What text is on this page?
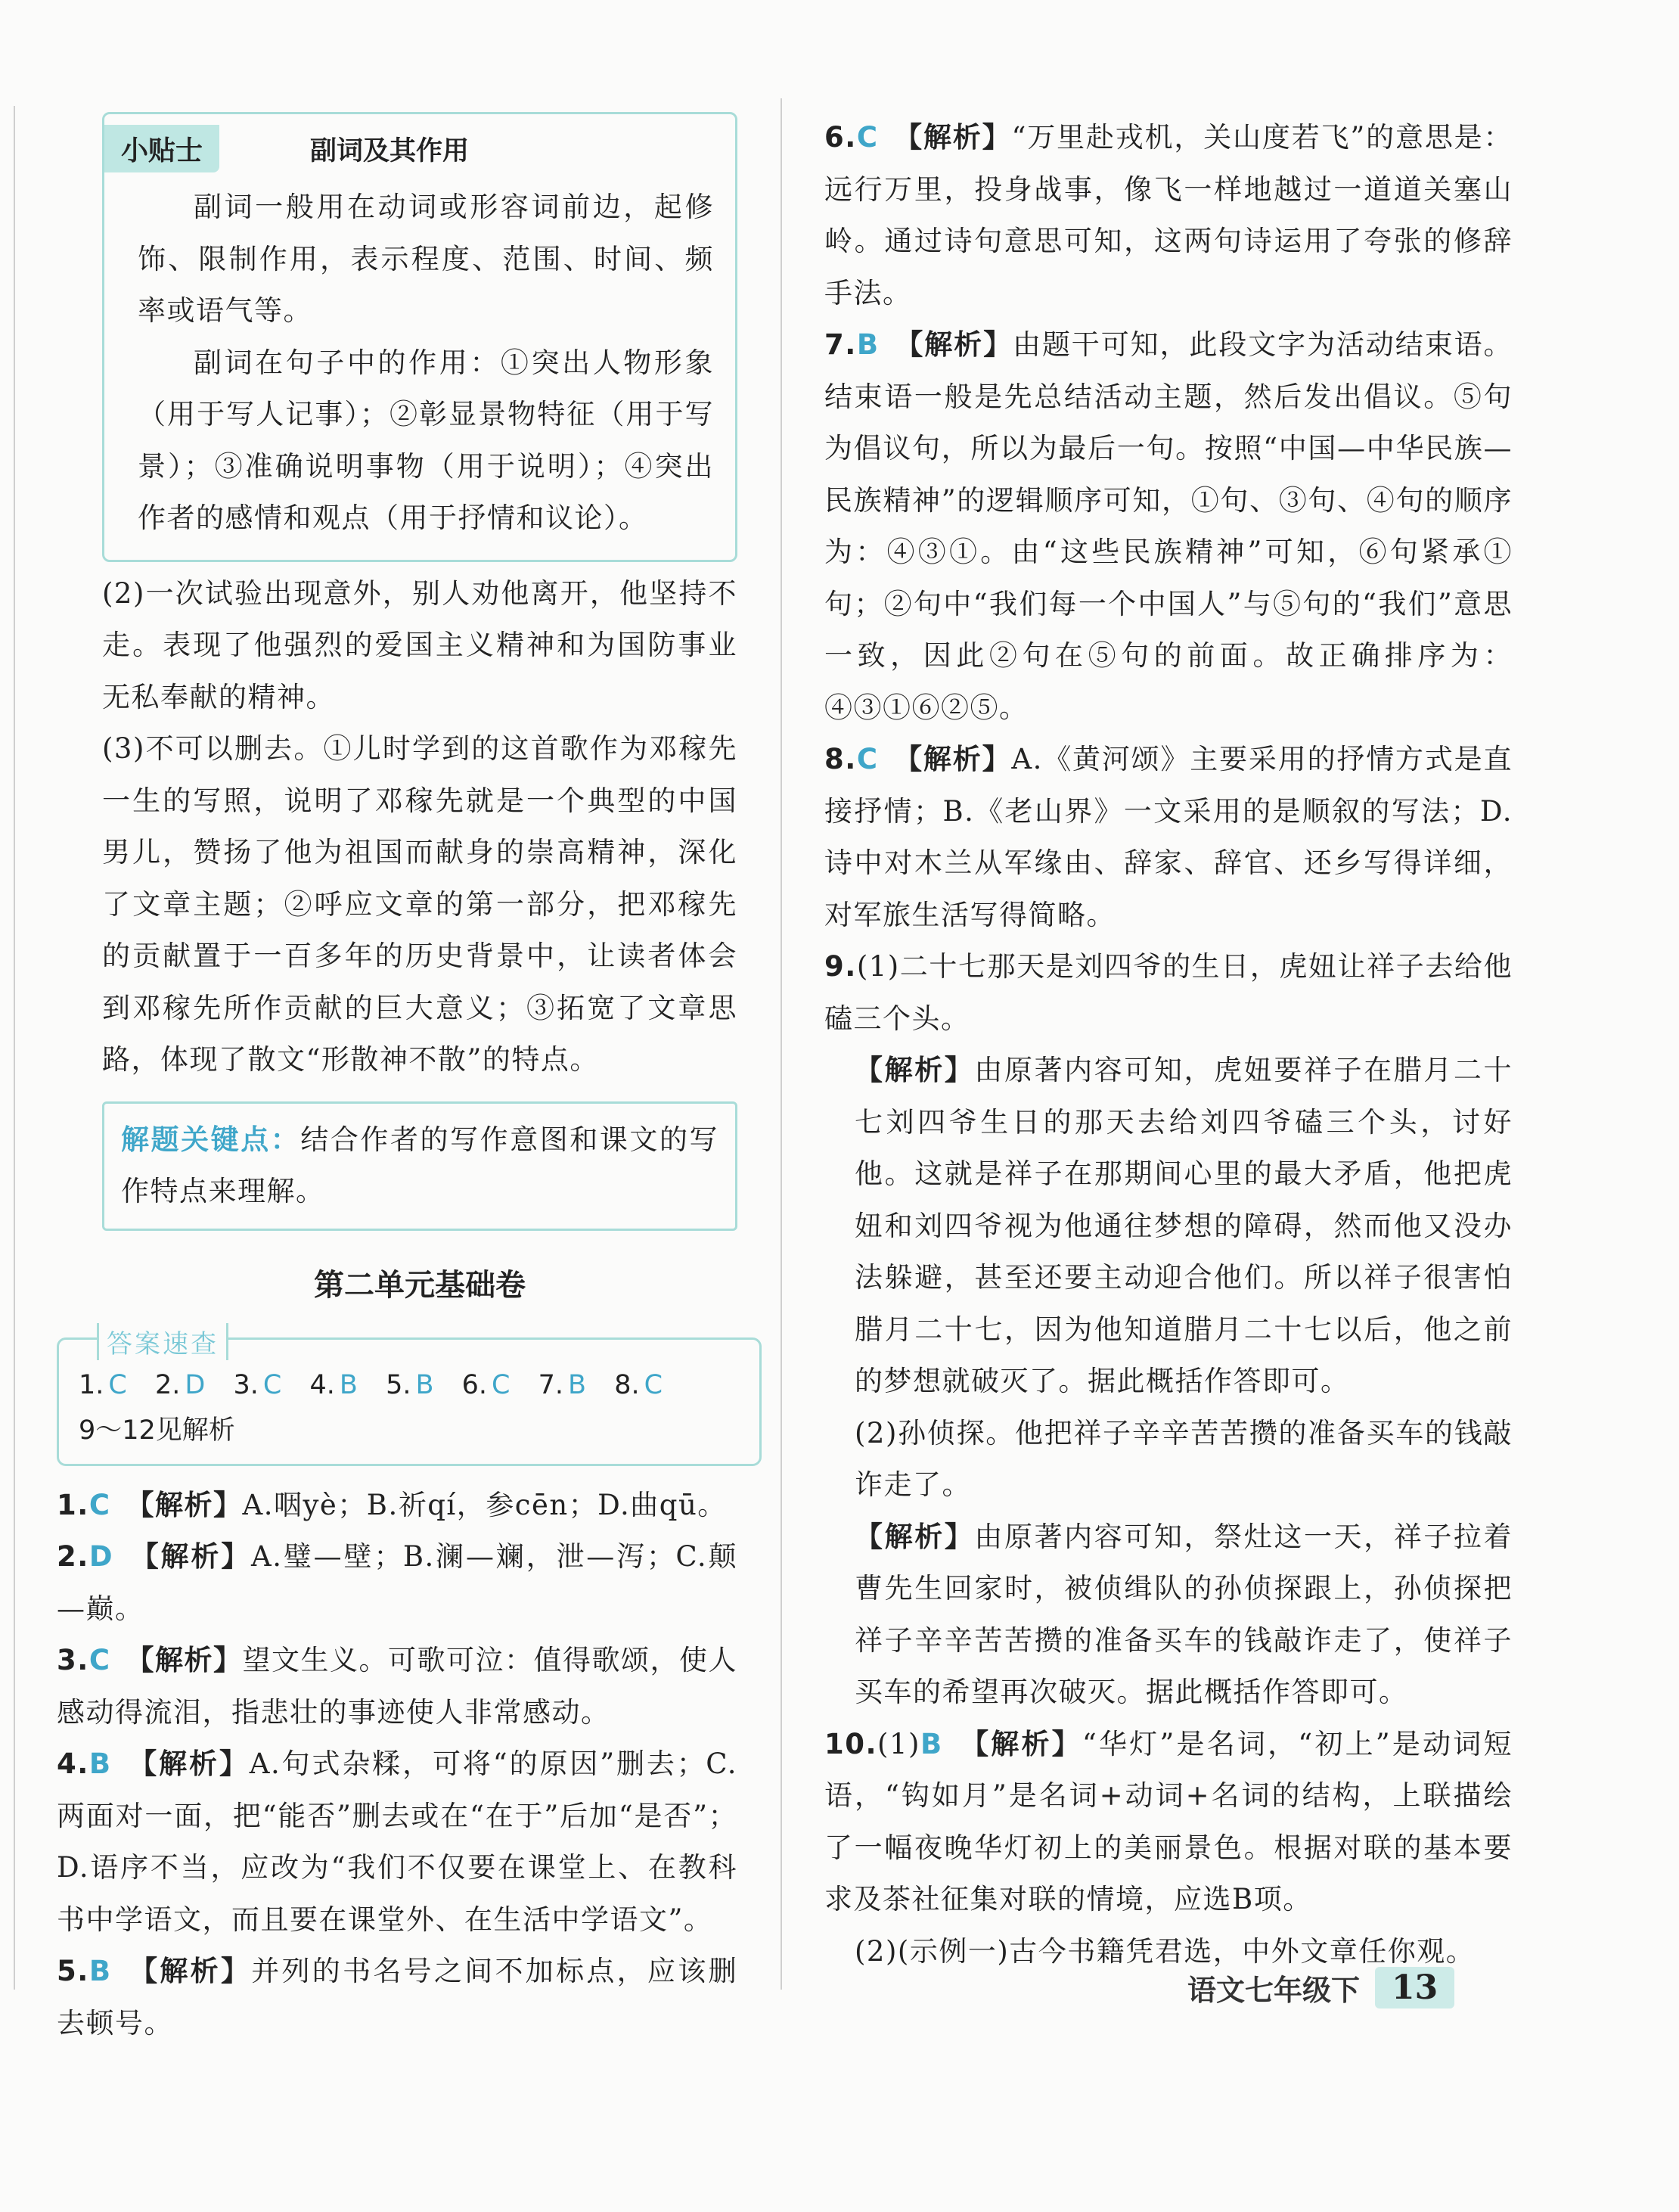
小贴士	副词及其作用

副词一般用在动词或形容词前边，起修饰、限制作用，表示程度、范围、时间、频率或语气等。

副词在句子中的作用：①突出人物形象（用于写人记事）；②彰显景物特征（用于写景）；③准确说明事物（用于说明）；④突出作者的感情和观点（用于抒情和议论）。

(2)一次试验出现意外，别人劝他离开，他坚持不走。表现了他强烈的爱国主义精神和为国防事业无私奉献的精神。

(3)不可以删去。①儿时学到的这首歌作为邓稼先一生的写照，说明了邓稼先就是一个典型的中国男儿，赞扬了他为祖国而献身的崇高精神，深化了文章主题；②呼应文章的第一部分，把邓稼先的贡献置于一百多年的历史背景中，让读者体会到邓稼先所作贡献的巨大意义；③拓宽了文章思路，体现了散文“形散神不散”的特点。

解题关键点：结合作者的写作意图和课文的写作特点来理解。

第二单元基础卷
答案速查
1. C 2. D 3. C 4. B 5. B 6. C 7. B 8. C
9～12见解析

1.C　 【解析】A.咽yè；B.祈qí，参cēn；D.曲qū。

2.D　 【解析】A.璧—壁；B.澜—斓，泄—泻；C.颠—巅。

3.C　 【解析】望文生义。可歌可泣：值得歌颂，使人感动得流泪，指悲壮的事迹使人非常感动。

4.B　 【解析】A.句式杂糅，可将“的原因”删去；C.两面对一面，把“能否”删去或在“在于”后加“是否”；D.语序不当，应改为“我们不仅要在课堂上、在教科书中学语文，而且要在课堂外、在生活中学语文”。

5.B　 【解析】并列的书名号之间不加标点，应该删去顿号。

6.C　 【解析】“万里赴戎机，关山度若飞”的意思是：远行万里，投身战事，像飞一样地越过一道道关塞山岭。通过诗句意思可知，这两句诗运用了夸张的修辞手法。

7.B　 【解析】由题干可知，此段文字为活动结束语。结束语一般是先总结活动主题，然后发出倡议。⑤句为倡议句，所以为最后一句。按照“中国—中华民族—民族精神”的逻辑顺序可知，①句、③句、④句的顺序为：④③①。由“这些民族精神”可知，⑥句紧承①句；②句中“我们每一个中国人”与⑤句的“我们”意思一致，因此②句在⑤句的前面。故正确排序为：④③①⑥②⑤。

8.C　 【解析】A.《黄河颂》主要采用的抒情方式是直接抒情；B.《老山界》一文采用的是顺叙的写法；D.诗中对木兰从军缘由、辞家、辞官、还乡写得详细，对军旅生活写得简略。

9.(1)二十七那天是刘四爷的生日，虎妞让祥子去给他磕三个头。

【解析】由原著内容可知，虎妞要祥子在腊月二十七刘四爷生日的那天去给刘四爷磕三个头，讨好他。这就是祥子在那期间心里的最大矛盾，他把虎妞和刘四爷视为他通往梦想的障碍，然而他又没办法躲避，甚至还要主动迎合他们。所以祥子很害怕腊月二十七，因为他知道腊月二十七以后，他之前的梦想就破灭了。据此概括作答即可。

(2)孙侦探。他把祥子辛辛苦苦攒的准备买车的钱敲诈走了。

【解析】由原著内容可知，祭灶这一天，祥子拉着曹先生回家时，被侦缉队的孙侦探跟上，孙侦探把祥子辛辛苦苦攒的准备买车的钱敲诈走了，使祥子买车的希望再次破灭。据此概括作答即可。

10.(1)B　 【解析】“华灯”是名词，“初上”是动词短语，“钩如月”是名词+动词+名词的结构，上联描绘了一幅夜晚华灯初上的美丽景色。根据对联的基本要求及茶社征集对联的情境，应选B项。

(2)(示例一)古今书籍凭君选，中外文章任你观。

语文七年级下 13
